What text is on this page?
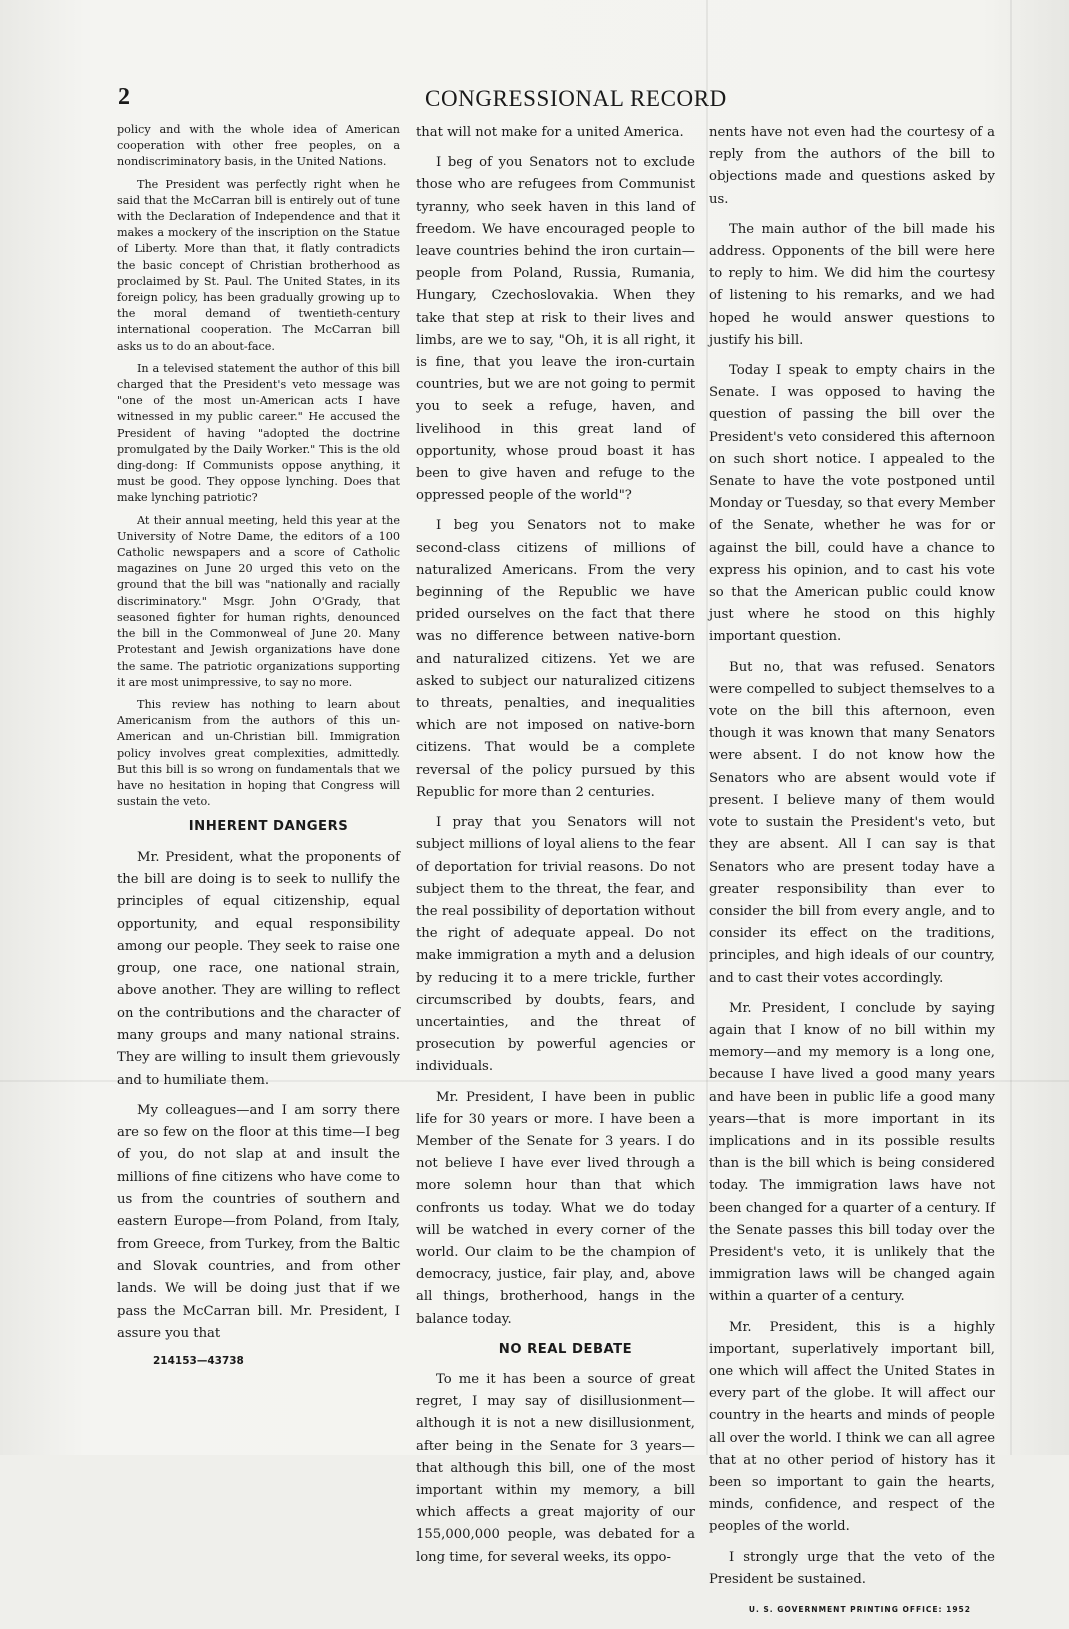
2	CONGRESSIONAL RECORD

policy and with the whole idea of American cooperation with other free peoples, on a nondiscriminatory basis, in the United Nations.

The President was perfectly right when he said that the McCarran bill is entirely out of tune with the Declaration of Independence and that it makes a mockery of the inscription on the Statue of Liberty. More than that, it flatly contradicts the basic concept of Christian brotherhood as proclaimed by St. Paul. The United States, in its foreign policy, has been gradually growing up to the moral demand of twentieth-century international cooperation. The McCarran bill asks us to do an about-face.

In a televised statement the author of this bill charged that the President's veto message was "one of the most un-American acts I have witnessed in my public career." He accused the President of having "adopted the doctrine promulgated by the Daily Worker." This is the old ding-dong: If Communists oppose anything, it must be good. They oppose lynching. Does that make lynching patriotic?

At their annual meeting, held this year at the University of Notre Dame, the editors of a 100 Catholic newspapers and a score of Catholic magazines on June 20 urged this veto on the ground that the bill was "nationally and racially discriminatory." Msgr. John O'Grady, that seasoned fighter for human rights, denounced the bill in the Commonweal of June 20. Many Protestant and Jewish organizations have done the same. The patriotic organizations supporting it are most unimpressive, to say no more.

This review has nothing to learn about Americanism from the authors of this un-American and un-Christian bill. Immigration policy involves great complexities, admittedly. But this bill is so wrong on fundamentals that we have no hesitation in hoping that Congress will sustain the veto.

INHERENT DANGERS

Mr. President, what the proponents of the bill are doing is to seek to nullify the principles of equal citizenship, equal opportunity, and equal responsibility among our people. They seek to raise one group, one race, one national strain, above another. They are willing to reflect on the contributions and the character of many groups and many national strains. They are willing to insult them grievously and to humiliate them.

My colleagues—and I am sorry there are so few on the floor at this time—I beg of you, do not slap at and insult the millions of fine citizens who have come to us from the countries of southern and eastern Europe—from Poland, from Italy, from Greece, from Turkey, from the Baltic and Slovak countries, and from other lands. We will be doing just that if we pass the McCarran bill. Mr. President, I assure you that

214153—43738

that will not make for a united America.

I beg of you Senators not to exclude those who are refugees from Communist tyranny, who seek haven in this land of freedom. We have encouraged people to leave countries behind the iron curtain—people from Poland, Russia, Rumania, Hungary, Czechoslovakia. When they take that step at risk to their lives and limbs, are we to say, "Oh, it is all right, it is fine, that you leave the iron-curtain countries, but we are not going to permit you to seek a refuge, haven, and livelihood in this great land of opportunity, whose proud boast it has been to give haven and refuge to the oppressed people of the world"?

I beg you Senators not to make second-class citizens of millions of naturalized Americans. From the very beginning of the Republic we have prided ourselves on the fact that there was no difference between native-born and naturalized citizens. Yet we are asked to subject our naturalized citizens to threats, penalties, and inequalities which are not imposed on native-born citizens. That would be a complete reversal of the policy pursued by this Republic for more than 2 centuries.

I pray that you Senators will not subject millions of loyal aliens to the fear of deportation for trivial reasons. Do not subject them to the threat, the fear, and the real possibility of deportation without the right of adequate appeal. Do not make immigration a myth and a delusion by reducing it to a mere trickle, further circumscribed by doubts, fears, and uncertainties, and the threat of prosecution by powerful agencies or individuals.

Mr. President, I have been in public life for 30 years or more. I have been a Member of the Senate for 3 years. I do not believe I have ever lived through a more solemn hour than that which confronts us today. What we do today will be watched in every corner of the world. Our claim to be the champion of democracy, justice, fair play, and, above all things, brotherhood, hangs in the balance today.

NO REAL DEBATE

To me it has been a source of great regret, I may say of disillusionment—although it is not a new disillusionment, after being in the Senate for 3 years—that although this bill, one of the most important within my memory, a bill which affects a great majority of our 155,000,000 people, was debated for a long time, for several weeks, its oppo-

nents have not even had the courtesy of a reply from the authors of the bill to objections made and questions asked by us.

The main author of the bill made his address. Opponents of the bill were here to reply to him. We did him the courtesy of listening to his remarks, and we had hoped he would answer questions to justify his bill.

Today I speak to empty chairs in the Senate. I was opposed to having the question of passing the bill over the President's veto considered this afternoon on such short notice. I appealed to the Senate to have the vote postponed until Monday or Tuesday, so that every Member of the Senate, whether he was for or against the bill, could have a chance to express his opinion, and to cast his vote so that the American public could know just where he stood on this highly important question.

But no, that was refused. Senators were compelled to subject themselves to a vote on the bill this afternoon, even though it was known that many Senators were absent. I do not know how the Senators who are absent would vote if present. I believe many of them would vote to sustain the President's veto, but they are absent. All I can say is that Senators who are present today have a greater responsibility than ever to consider the bill from every angle, and to consider its effect on the traditions, principles, and high ideals of our country, and to cast their votes accordingly.

Mr. President, I conclude by saying again that I know of no bill within my memory—and my memory is a long one, because I have lived a good many years and have been in public life a good many years—that is more important in its implications and in its possible results than is the bill which is being considered today. The immigration laws have not been changed for a quarter of a century. If the Senate passes this bill today over the President's veto, it is unlikely that the immigration laws will be changed again within a quarter of a century.

Mr. President, this is a highly important, superlatively important bill, one which will affect the United States in every part of the globe. It will affect our country in the hearts and minds of people all over the world. I think we can all agree that at no other period of history has it been so important to gain the hearts, minds, confidence, and respect of the peoples of the world.

I strongly urge that the veto of the President be sustained.

U. S. GOVERNMENT PRINTING OFFICE: 1952
